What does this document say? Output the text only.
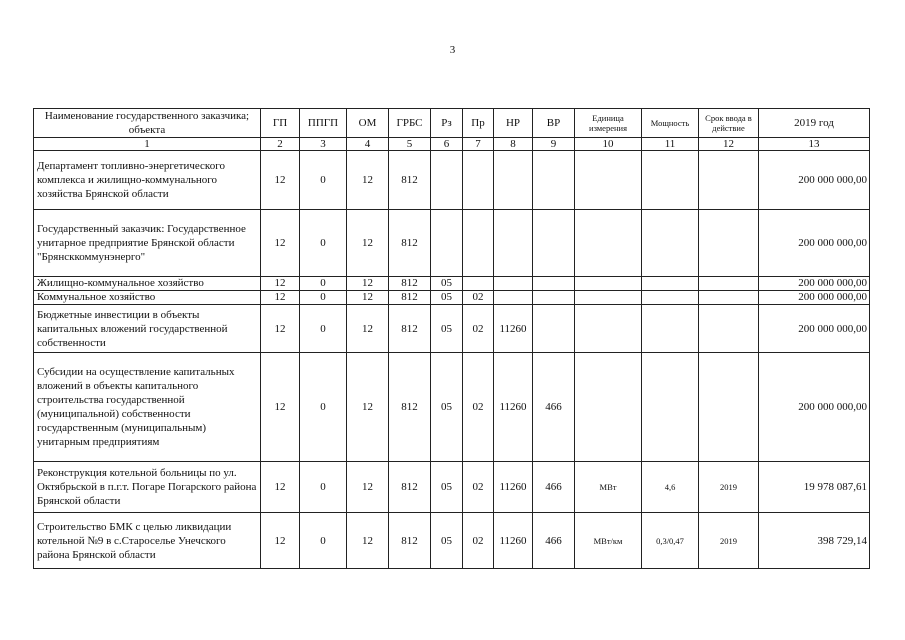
3
Наименование государственного заказчика; объекта	ГП	ППГП	ОМ	ГРБС	Рз	Пр	НР	ВР	Единица измерения	Мощность	Срок ввода в действие	2019 год
1	2	3	4	5	6	7	8	9	10	11	12	13
Департамент топливно-энергетического комплекса и жилищно-коммунального хозяйства Брянской области	12	0	12	812								200 000 000,00
Государственный заказчик: Государственное унитарное предприятие Брянской области "Брянсккоммунэнерго"	12	0	12	812								200 000 000,00
Жилищно-коммунальное хозяйство	12	0	12	812	05							200 000 000,00
Коммунальное хозяйство	12	0	12	812	05	02						200 000 000,00
Бюджетные инвестиции в объекты капитальных вложений государственной собственности	12	0	12	812	05	02	11260					200 000 000,00
Субсидии на осуществление капитальных вложений в объекты капитального строительства государственной (муниципальной) собственности государственным (муниципальным) унитарным предприятиям	12	0	12	812	05	02	11260	466				200 000 000,00
Реконструкция котельной больницы по ул. Октябрьской в п.г.т. Погаре Погарского района Брянской области	12	0	12	812	05	02	11260	466	МВт	4,6	2019	19 978 087,61
Строительство БМК с целью ликвидации котельной №9 в с.Староселье Унечского района Брянской области	12	0	12	812	05	02	11260	466	МВт/км	0,3/0,47	2019	398 729,14
